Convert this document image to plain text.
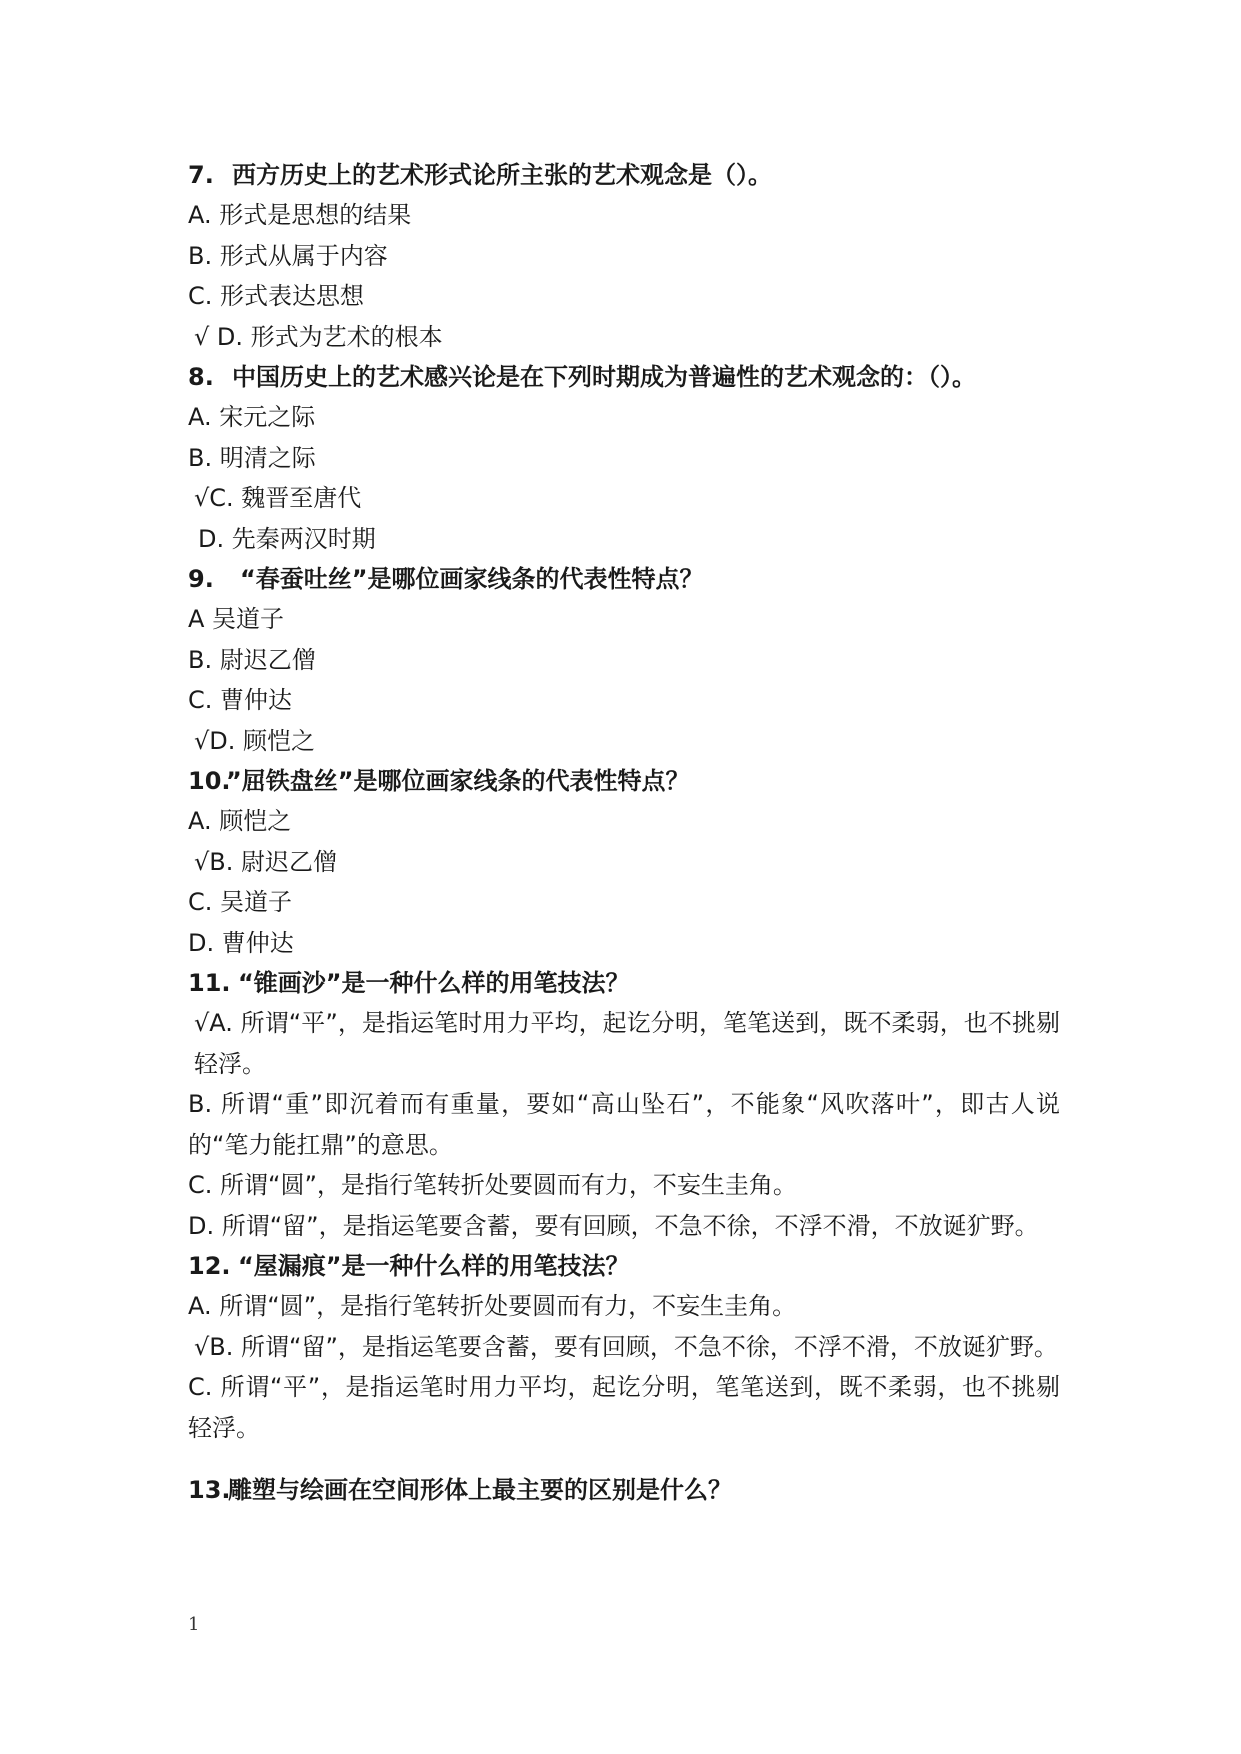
7. 西方历史上的艺术形式论所主张的艺术观念是（）。
A. 形式是思想的结果
B. 形式从属于内容
C. 形式表达思想
√ D. 形式为艺术的根本
8. 中国历史上的艺术感兴论是在下列时期成为普遍性的艺术观念的：（）。
A. 宋元之际
B. 明清之际
√C. 魏晋至唐代
D. 先秦两汉时期
9. “春蚕吐丝”是哪位画家线条的代表性特点？
A 吴道子
B. 尉迟乙僧
C. 曹仲达
√D. 顾恺之
10.”屈铁盘丝”是哪位画家线条的代表性特点？
A. 顾恺之
√B. 尉迟乙僧
C. 吴道子
D. 曹仲达
11. “锥画沙”是一种什么样的用笔技法？
√A. 所谓“平”，是指运笔时用力平均，起讫分明，笔笔送到，既不柔弱，也不挑剔轻浮。
B. 所谓“重”即沉着而有重量，要如“高山坠石”，不能象“风吹落叶”，即古人说的“笔力能扛鼎”的意思。
C. 所谓“圆”，是指行笔转折处要圆而有力，不妄生圭角。
D. 所谓“留”，是指运笔要含蓄，要有回顾，不急不徐，不浮不滑，不放诞犷野。
12. “屋漏痕”是一种什么样的用笔技法？
A. 所谓“圆”，是指行笔转折处要圆而有力，不妄生圭角。
√B. 所谓“留”，是指运笔要含蓄，要有回顾，不急不徐，不浮不滑，不放诞犷野。
C. 所谓“平”，是指运笔时用力平均，起讫分明，笔笔送到，既不柔弱，也不挑剔轻浮。
13.雕塑与绘画在空间形体上最主要的区别是什么？
1
